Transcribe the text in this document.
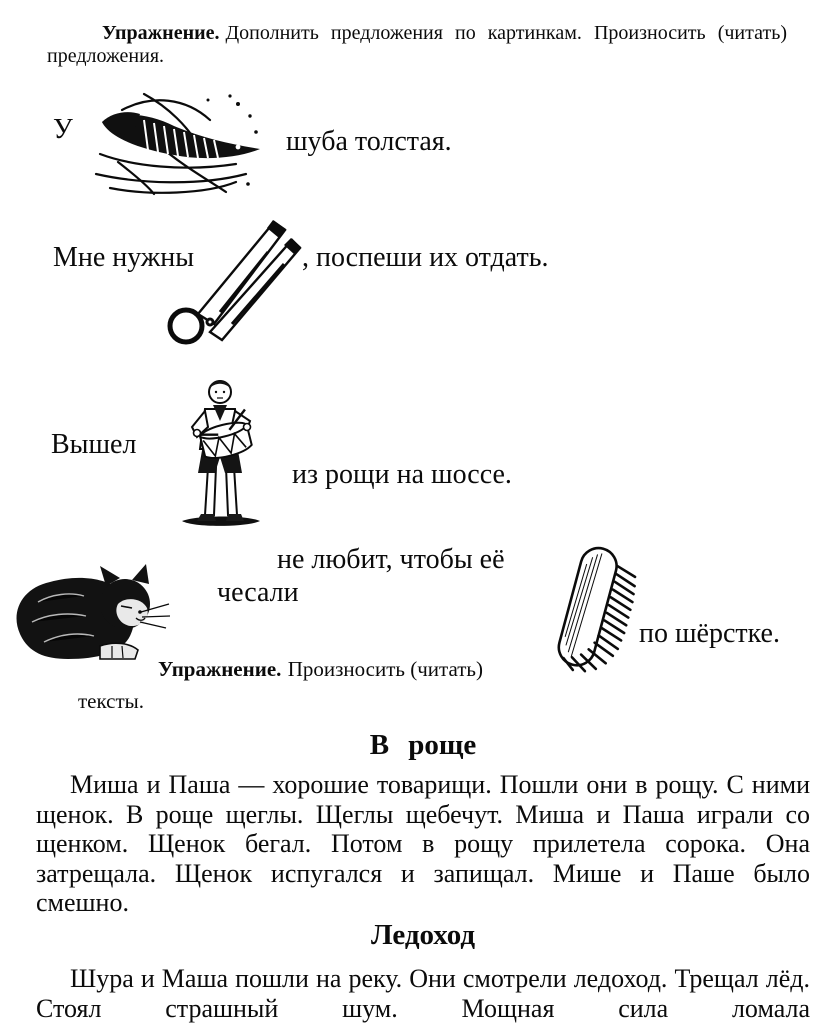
Упражнение. Дополнить предложения по картинкам. Произносить (читать) предложения.

У	шуба толстая.
Мне нужны	, поспеши их отдать.
Вышел
из рощи на шоссе.
не любит, чтобы её
чесали
по шёрстке.

Упражнение. Произносить (читать)

тексты.
В роще

Миша и Паша — хорошие товарищи. Пошли они в рощу. С ними щенок. В роще щеглы. Щеглы щебечут. Миша и Паша играли со щенком. Щенок бегал. Потом в рощу прилетела сорока. Она затрещала. Щенок испугался и запищал. Мише и Паше было смешно.

Ледоход

Шура и Маша пошли на реку. Они смотрели ледоход. Трещал лёд. Стоял страшный шум. Мощная сила ломала
